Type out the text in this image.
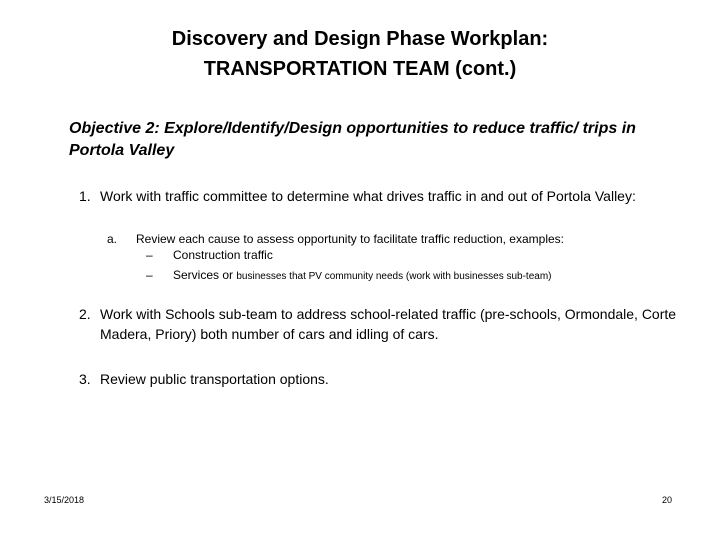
Discovery and Design Phase Workplan:
TRANSPORTATION TEAM (cont.)
Objective 2: Explore/Identify/Design opportunities to reduce traffic/ trips in Portola Valley
1. Work with traffic committee to determine what drives traffic in and out of Portola Valley:
a. Review each cause to assess opportunity to facilitate traffic reduction, examples:
– Construction traffic
– Services or businesses that PV community needs (work with businesses sub-team)
2. Work with Schools sub-team to address school-related traffic (pre-schools, Ormondale, Corte Madera, Priory) both number of cars and idling of cars.
3. Review public transportation options.
3/15/2018	20
